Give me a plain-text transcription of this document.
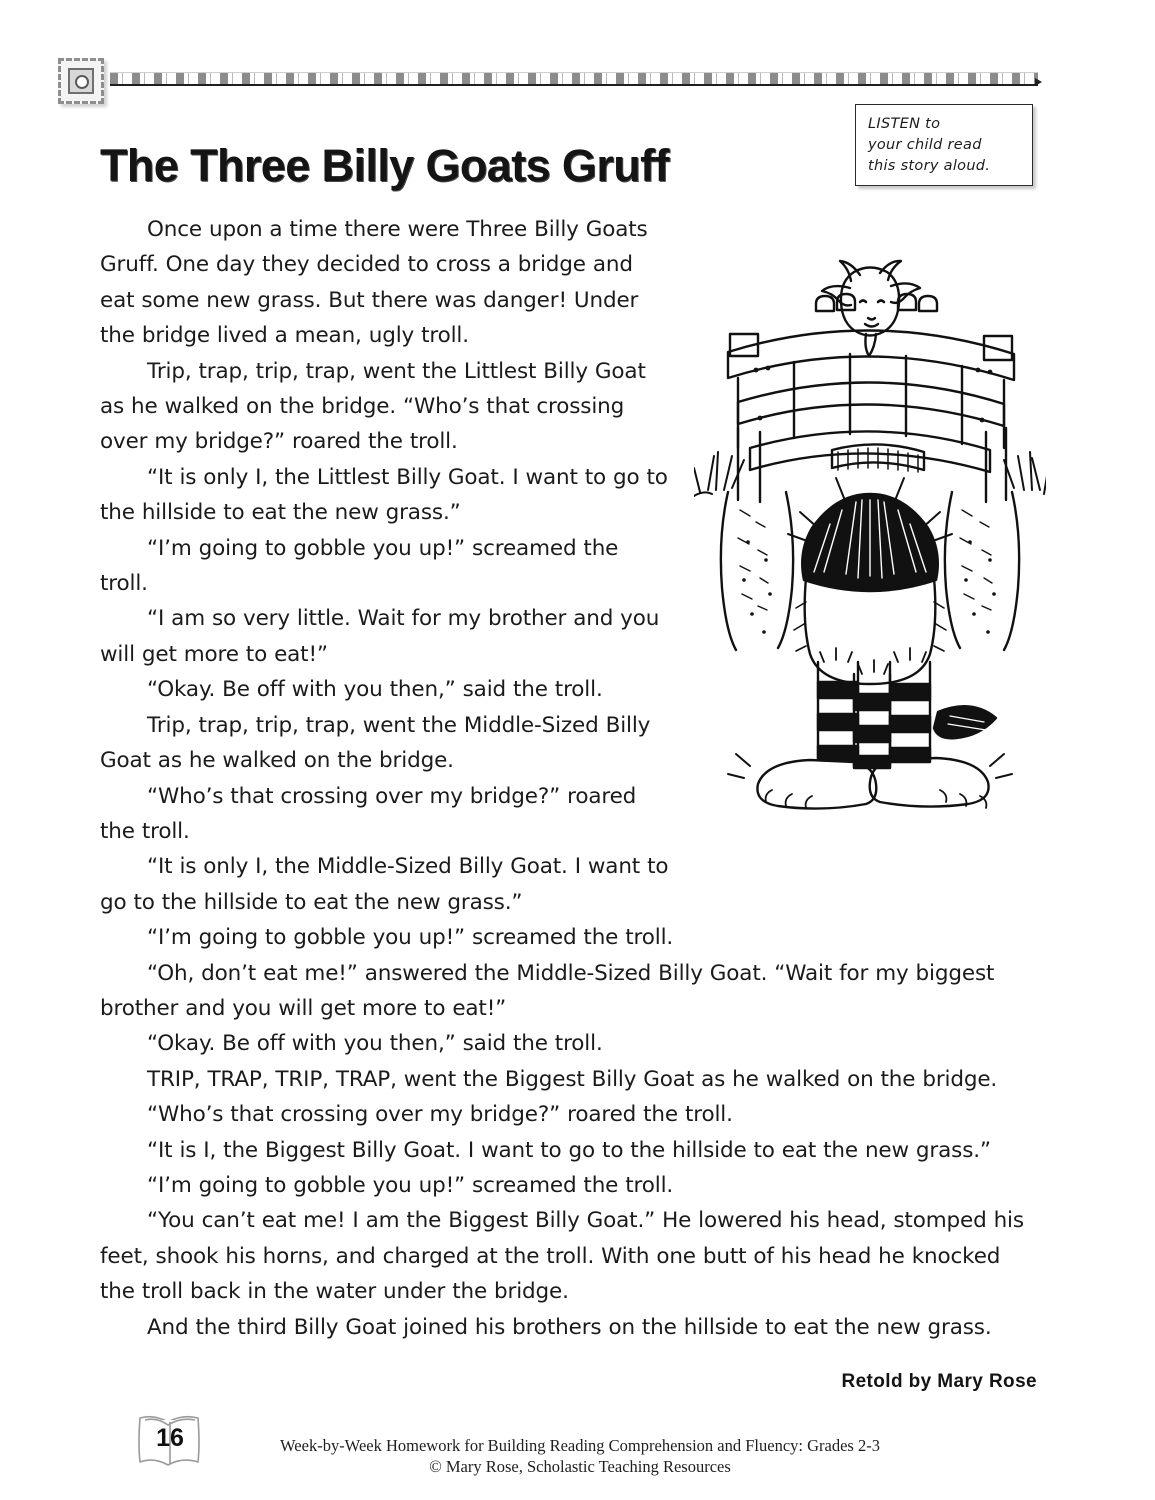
The Three Billy Goats Gruff
LISTEN to
your child read
this story aloud.

Once upon a time there were Three Billy Goats Gruff. One day they decided to cross a bridge and eat some new grass. But there was danger! Under the bridge lived a mean, ugly troll.

Trip, trap, trip, trap, went the Littlest Billy Goat as he walked on the bridge. “Who’s that crossing over my bridge?” roared the troll.

“It is only I, the Littlest Billy Goat. I want to go to the hillside to eat the new grass.”

“I’m going to gobble you up!” screamed the troll.

“I am so very little. Wait for my brother and you will get more to eat!”

“Okay. Be off with you then,” said the troll.

Trip, trap, trip, trap, went the Middle-Sized Billy Goat as he walked on the bridge.

“Who’s that crossing over my bridge?” roared the troll.

“It is only I, the Middle-Sized Billy Goat. I want to go to the hillside to eat the new grass.”

“I’m going to gobble you up!” screamed the troll.

“Oh, don’t eat me!” answered the Middle-Sized Billy Goat. “Wait for my biggest brother and you will get more to eat!”

“Okay. Be off with you then,” said the troll.

TRIP, TRAP, TRIP, TRAP, went the Biggest Billy Goat as he walked on the bridge.

“Who’s that crossing over my bridge?” roared the troll.

“It is I, the Biggest Billy Goat. I want to go to the hillside to eat the new grass.”

“I’m going to gobble you up!” screamed the troll.

“You can’t eat me! I am the Biggest Billy Goat.” He lowered his head, stomped his feet, shook his horns, and charged at the troll. With one butt of his head he knocked the troll back in the water under the bridge.

And the third Billy Goat joined his brothers on the hillside to eat the new grass.

Retold by Mary Rose
16	Week-by-Week Homework for Building Reading Comprehension and Fluency: Grades 2-3
© Mary Rose, Scholastic Teaching Resources
